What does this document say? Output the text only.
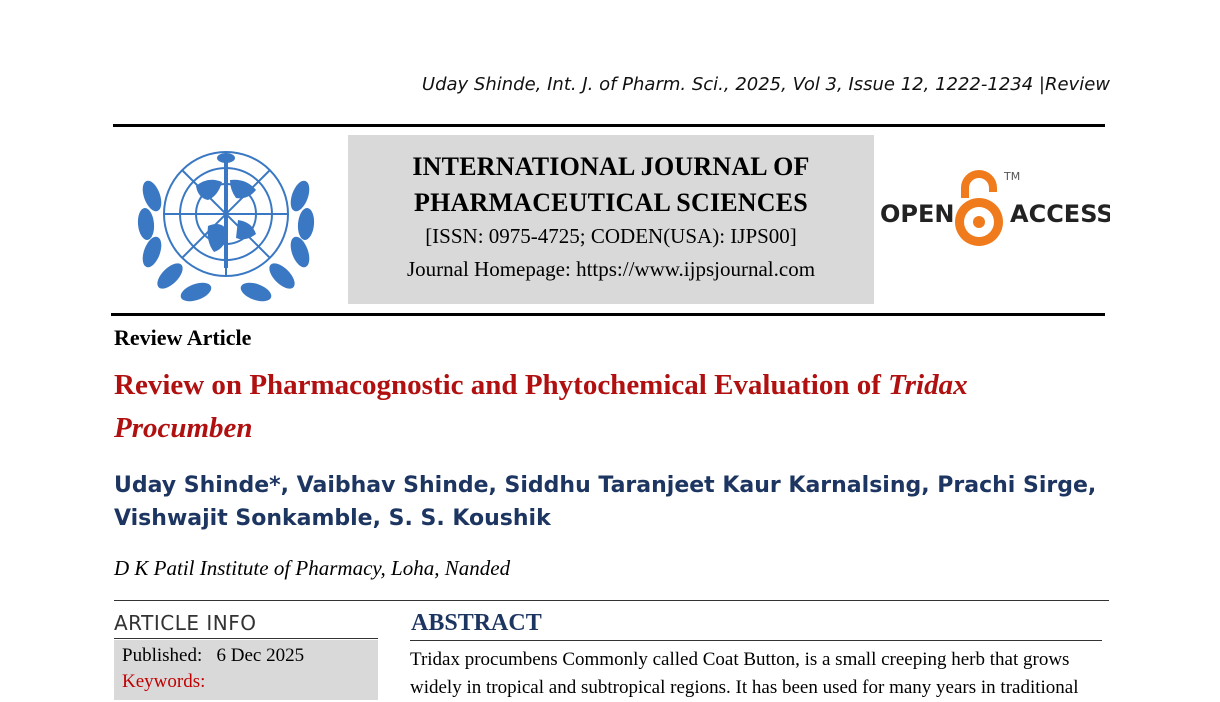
Uday Shinde, Int. J. of Pharm. Sci., 2025, Vol 3, Issue 12, 1222-1234 |Review
INTERNATIONAL JOURNAL OF
PHARMACEUTICAL SCIENCES
[ISSN: 0975-4725; CODEN(USA): IJPS00]
Journal Homepage: https://www.ijpsjournal.com
OPEN
TM
ACCESS
Review Article
Review on Pharmacognostic and Phytochemical Evaluation of Tridax
Procumben
Uday Shinde*, Vaibhav Shinde, Siddhu Taranjeet Kaur Karnalsing, Prachi Sirge,
Vishwajit Sonkamble, S. S. Koushik
D K Patil Institute of Pharmacy, Loha, Nanded
ARTICLE INFO
Published: 6 Dec 2025
Keywords:
ABSTRACT
Tridax procumbens Commonly called Coat Button, is a small creeping herb that grows
widely in tropical and subtropical regions. It has been used for many years in traditional
